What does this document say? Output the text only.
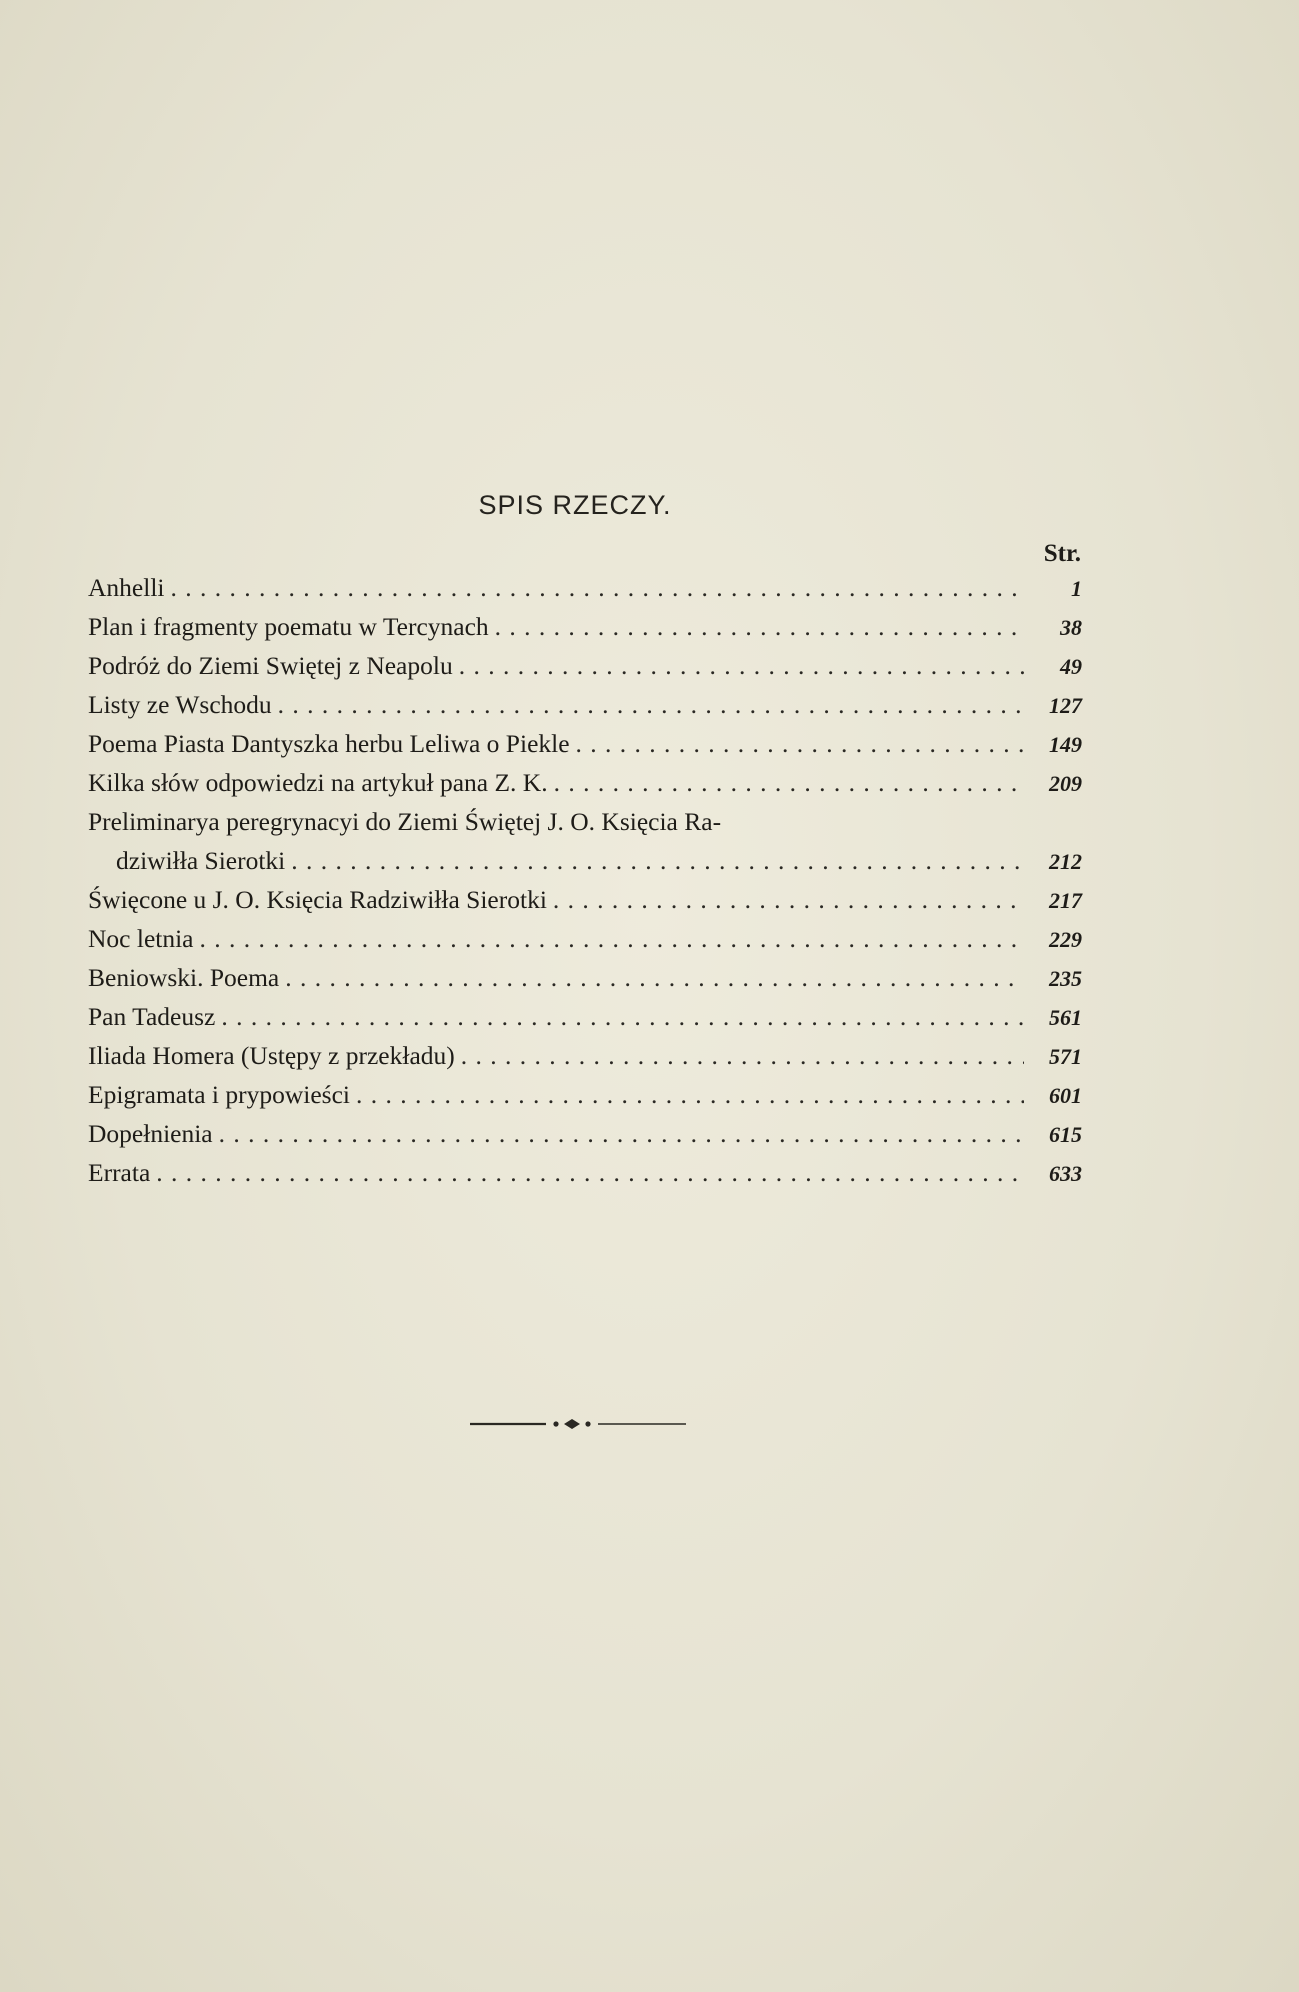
SPIS RZECZY.
Str.
Anhelli . . .	1
Plan i fragmenty poematu w Tercynach . . .	38
Podróż do Ziemi Swiętej z Neapolu . . .	49
Listy ze Wschodu . . .	127
Poema Piasta Dantyszka herbu Leliwa o Piekle . . .	149
Kilka słów odpowiedzi na artykuł pana Z. K. . . .	209
Preliminarya peregrynacyi do Ziemi Świętej J. O. Księcia Ra-
dziwiłła Sierotki . . .	212
Święcone u J. O. Księcia Radziwiłła Sierotki . . .	217
Noc letnia . . .	229
Beniowski. Poema . . .	235
Pan Tadeusz . . .	561
Iliada Homera (Ustępy z przekładu) . . .	571
Epigramata i prypowieści . . .	601
Dopełnienia . . .	615
Errata . . .	633
